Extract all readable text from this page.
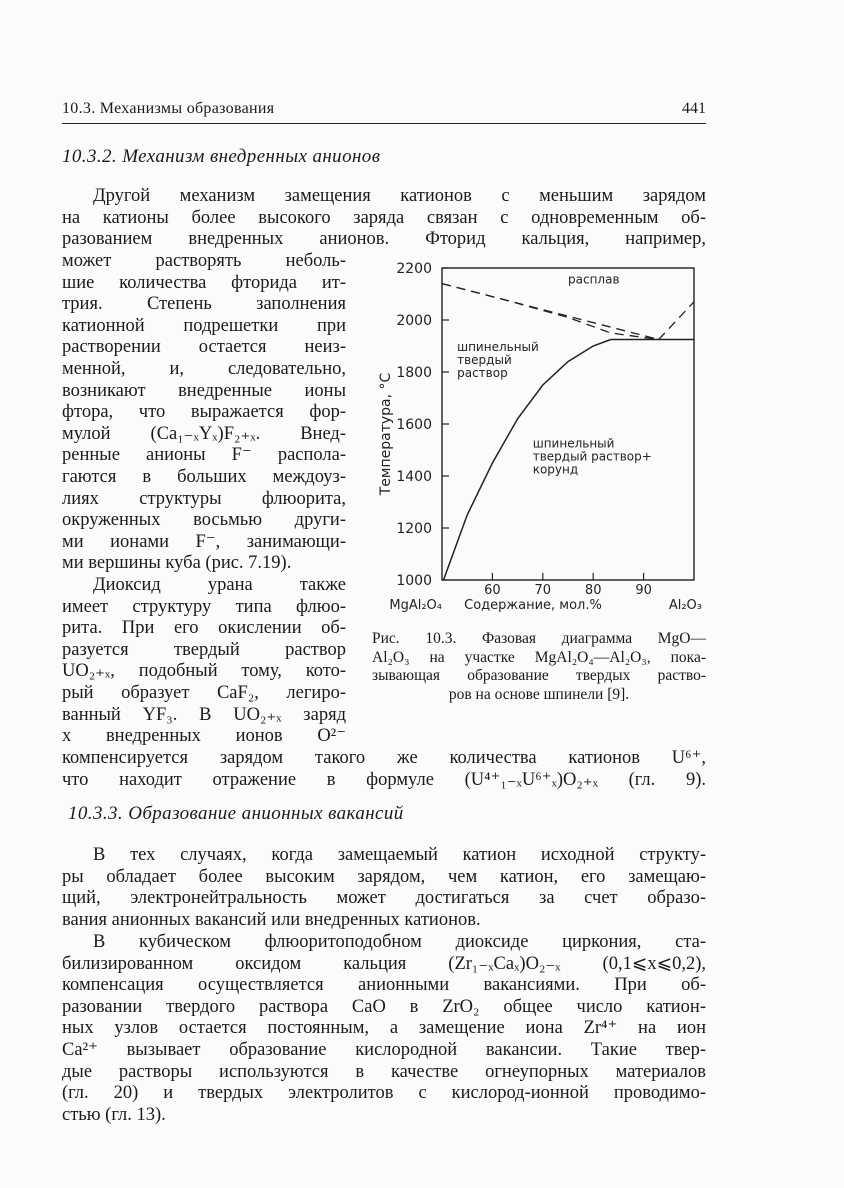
10.3. Механизмы образования	441
10.3.2. Механизм внедренных анионов
Другой механизм замещения катионов с меньшим зарядом
на катионы более высокого заряда связан с одновременным об-
разованием внедренных анионов. Фторид кальция, например,
может растворять неболь-
шие количества фторида ит-
трия. Степень заполнения
катионной подрешетки при
растворении остается неиз-
менной, и, следовательно,
возникают внедренные ионы
фтора, что выражается фор-
мулой (Ca₁₋ₓYₓ)F₂₊ₓ. Внед-
ренные анионы F⁻ распола-
гаются в больших междоуз-
лиях структуры флюорита,
окруженных восьмью други-
ми ионами F⁻, занимающи-
ми вершины куба (рис. 7.19).
Диоксид урана также
имеет структуру типа флюо-
рита. При его окислении об-
разуется твердый раствор
UO₂₊ₓ, подобный тому, кото-
рый образует CaF₂, легиро-
ванный YF₃. В UO₂₊ₓ заряд
x внедренных ионов O²⁻
компенсируется зарядом такого же количества катионов U⁶⁺,
что находит отражение в формуле (U⁴⁺₁₋ₓU⁶⁺ₓ)O₂₊ₓ (гл. 9).
10.3.3. Образование анионных вакансий
В тех случаях, когда замещаемый катион исходной структу-
ры обладает более высоким зарядом, чем катион, его замещаю-
щий, электронейтральность может достигаться за счет образо-
вания анионных вакансий или внедренных катионов.
В кубическом флюоритоподобном диоксиде циркония, ста-
билизированном оксидом кальция (Zr₁₋ₓCaₓ)O₂₋ₓ (0,1⩽x⩽0,2),
компенсация осуществляется анионными вакансиями. При об-
разовании твердого раствора CaO в ZrO₂ общее число катион-
ных узлов остается постоянным, а замещение иона Zr⁴⁺ на ион
Ca²⁺ вызывает образование кислородной вакансии. Такие твер-
дые растворы используются в качестве огнеупорных материалов
(гл. 20) и твердых электролитов с кислород-ионной проводимо-
стью (гл. 13).
1000
1200
1400
1600
1800
2000
2200
60	70	80	90
MgAl₂O₄	Al₂O₃
Содержание, мол.%
Температура, °C
расплав
шпинельный твердый раствор
шпинельный твердый раствор+ корунд
Рис. 10.3. Фазовая диаграмма MgO—
Al₂O₃ на участке MgAl₂O₄—Al₂O₃, пока-
зывающая образование твердых раство-
ров на основе шпинели [9].
